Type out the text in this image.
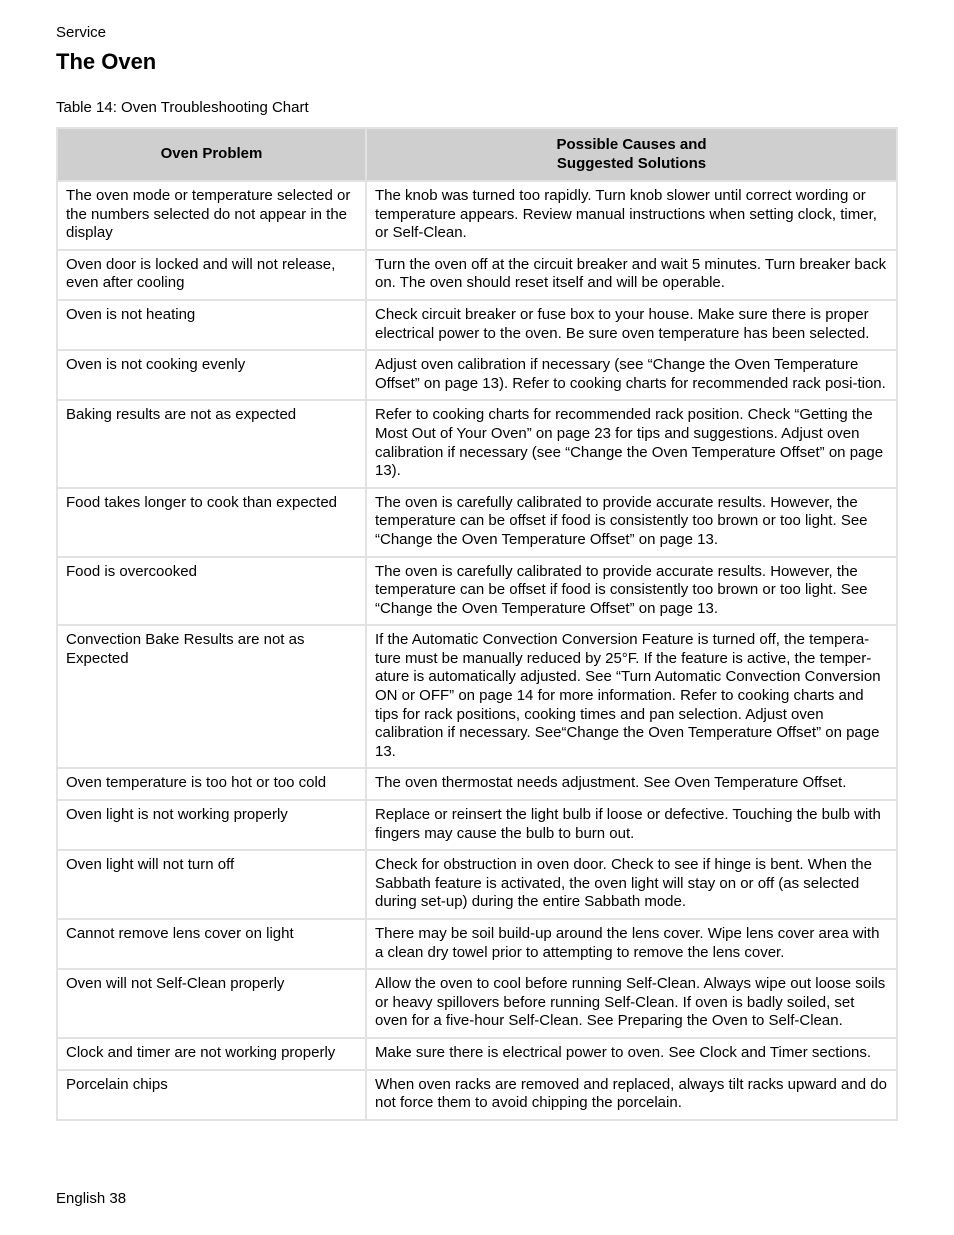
Service
The Oven
Table 14: Oven Troubleshooting Chart
Oven Problem	Possible Causes and
Suggested Solutions

The oven mode or temperature selected or the numbers selected do not appear in the display	The knob was turned too rapidly. Turn knob slower until correct wording or temperature appears. Review manual instructions when setting clock, timer, or Self-Clean.
Oven door is locked and will not release, even after cooling	Turn the oven off at the circuit breaker and wait 5 minutes. Turn breaker back on. The oven should reset itself and will be operable.
Oven is not heating	Check circuit breaker or fuse box to your house. Make sure there is proper electrical power to the oven. Be sure oven temperature has been selected.
Oven is not cooking evenly	Adjust oven calibration if necessary (see “Change the Oven Temperature Offset” on page 13). Refer to cooking charts for recommended rack posi-tion.
Baking results are not as expected	Refer to cooking charts for recommended rack position. Check “Getting the Most Out of Your Oven” on page 23 for tips and suggestions. Adjust oven calibration if necessary (see “Change the Oven Temperature Offset” on page 13).
Food takes longer to cook than expected	The oven is carefully calibrated to provide accurate results. However, the temperature can be offset if food is consistently too brown or too light. See “Change the Oven Temperature Offset” on page 13.
Food is overcooked	The oven is carefully calibrated to provide accurate results. However, the temperature can be offset if food is consistently too brown or too light. See “Change the Oven Temperature Offset” on page 13.
Convection Bake Results are not as Expected	If the Automatic Convection Conversion Feature is turned off, the tempera-ture must be manually reduced by 25°F. If the feature is active, the temper-ature is automatically adjusted. See “Turn Automatic Convection Conversion ON or OFF” on page 14 for more information. Refer to cooking charts and tips for rack positions, cooking times and pan selection. Adjust oven calibration if necessary. See“Change the Oven Temperature Offset” on page 13.
Oven temperature is too hot or too cold	The oven thermostat needs adjustment. See Oven Temperature Offset.
Oven light is not working properly	Replace or reinsert the light bulb if loose or defective. Touching the bulb with fingers may cause the bulb to burn out.
Oven light will not turn off	Check for obstruction in oven door. Check to see if hinge is bent. When the Sabbath feature is activated, the oven light will stay on or off (as selected during set-up) during the entire Sabbath mode.
Cannot remove lens cover on light	There may be soil build-up around the lens cover. Wipe lens cover area with a clean dry towel prior to attempting to remove the lens cover.
Oven will not Self-Clean properly	Allow the oven to cool before running Self-Clean. Always wipe out loose soils or heavy spillovers before running Self-Clean. If oven is badly soiled, set oven for a five-hour Self-Clean. See Preparing the Oven to Self-Clean.
Clock and timer are not working properly	Make sure there is electrical power to oven. See Clock and Timer sections.
Porcelain chips	When oven racks are removed and replaced, always tilt racks upward and do not force them to avoid chipping the porcelain.
English 38
